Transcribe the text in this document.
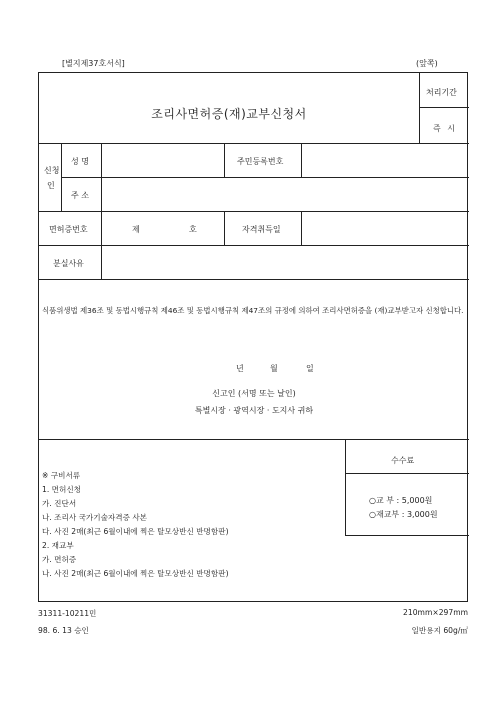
[별지제37호서식]	(앞쪽)
조리사면허증(재)교부신청서
처리기간
즉 시
신청
인
성 명	주민등록번호
주 소
면허증번호	제	호	자격취득일
분실사유
식품위생법 제36조 및 동법시행규칙 제46조 및 동법시행규칙 제47조의 규정에 의하여 조리사면허증을 (재)교부받고자 신청합니다.
년	월	일
신고인 (서명 또는 날인)
특별시장 · 광역시장 · 도지사 귀하
※ 구비서류
1. 면허신청
가. 진단서
나. 조리사 국가기술자격증 사본
다. 사진 2매(최근 6월이내에 찍은 탈모상반신 반명함판)
2. 재교부
가. 면허증
나. 사진 2매(최근 6월이내에 찍은 탈모상반신 반명함판)
수수료
○교 부 : 5,000원
○재교부 : 3,000원
31311-10211민
98. 6. 13 승인
210mm×297mm
일반용지 60g/㎡
